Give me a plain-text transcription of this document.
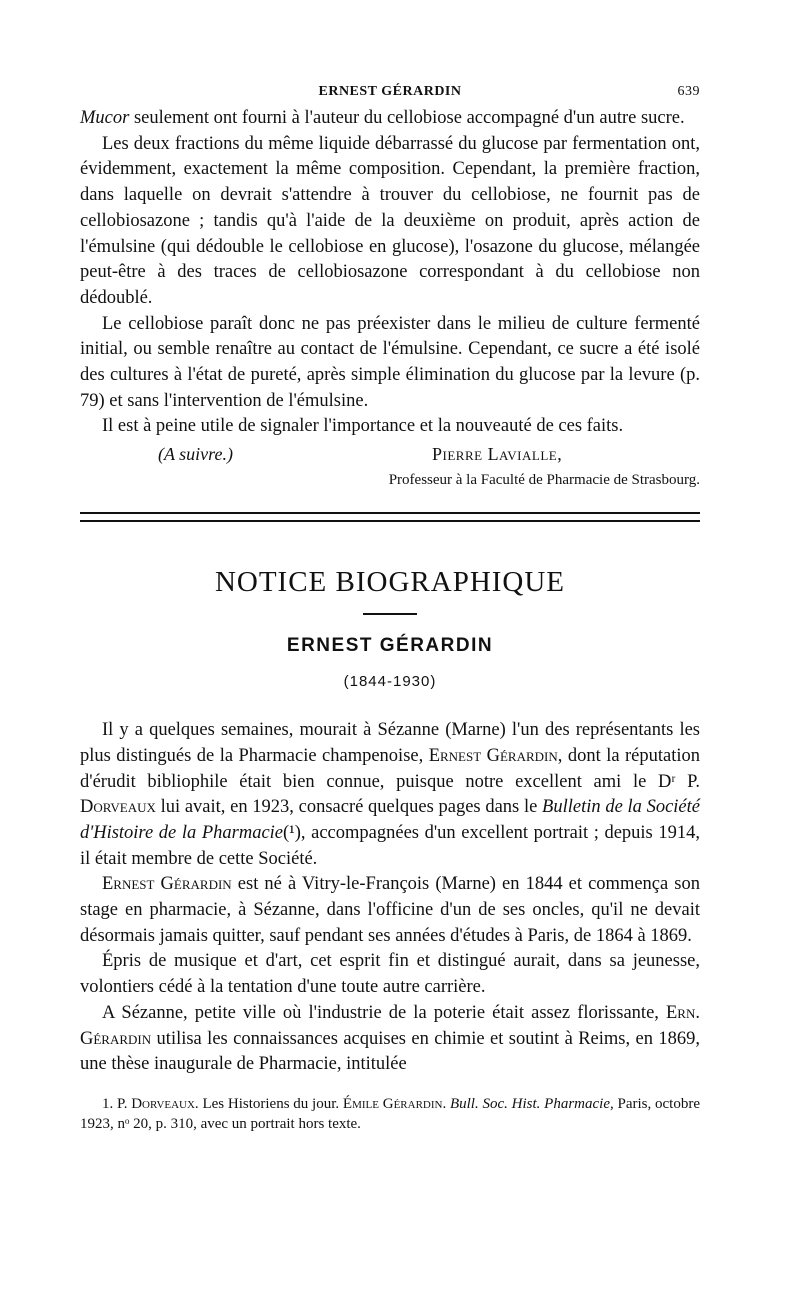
ERNEST GÉRARDIN	639

Mucor seulement ont fourni à l'auteur du cellobiose accompagné d'un autre sucre.

Les deux fractions du même liquide débarrassé du glucose par fermentation ont, évidemment, exactement la même composition. Cependant, la première fraction, dans laquelle on devrait s'attendre à trouver du cellobiose, ne fournit pas de cellobiosazone ; tandis qu'à l'aide de la deuxième on produit, après action de l'émulsine (qui dédouble le cellobiose en glucose), l'osazone du glucose, mélangée peut-être à des traces de cellobiosazone correspondant à du cellobiose non dédoublé.

Le cellobiose paraît donc ne pas préexister dans le milieu de culture fermenté initial, ou semble renaître au contact de l'émulsine. Cependant, ce sucre a été isolé des cultures à l'état de pureté, après simple élimination du glucose par la levure (p. 79) et sans l'intervention de l'émulsine.

Il est à peine utile de signaler l'importance et la nouveauté de ces faits.

(A suivre.)	Pierre Lavialle,
Professeur à la Faculté de Pharmacie de Strasbourg.
NOTICE BIOGRAPHIQUE
ERNEST GÉRARDIN
(1844-1930)

Il y a quelques semaines, mourait à Sézanne (Marne) l'un des représentants les plus distingués de la Pharmacie champenoise, Ernest Gérardin, dont la réputation d'érudit bibliophile était bien connue, puisque notre excellent ami le Dʳ P. Dorveaux lui avait, en 1923, consacré quelques pages dans le Bulletin de la Société d'Histoire de la Pharmacie(¹), accompagnées d'un excellent portrait ; depuis 1914, il était membre de cette Société.

Ernest Gérardin est né à Vitry-le-François (Marne) en 1844 et commença son stage en pharmacie, à Sézanne, dans l'officine d'un de ses oncles, qu'il ne devait désormais jamais quitter, sauf pendant ses années d'études à Paris, de 1864 à 1869.

Épris de musique et d'art, cet esprit fin et distingué aurait, dans sa jeunesse, volontiers cédé à la tentation d'une toute autre carrière.

A Sézanne, petite ville où l'industrie de la poterie était assez florissante, Ern. Gérardin utilisa les connaissances acquises en chimie et soutint à Reims, en 1869, une thèse inaugurale de Pharmacie, intitulée

1. P. Dorveaux. Les Historiens du jour. Émile Gérardin. Bull. Soc. Hist. Pharmacie, Paris, octobre 1923, nᵒ 20, p. 310, avec un portrait hors texte.
